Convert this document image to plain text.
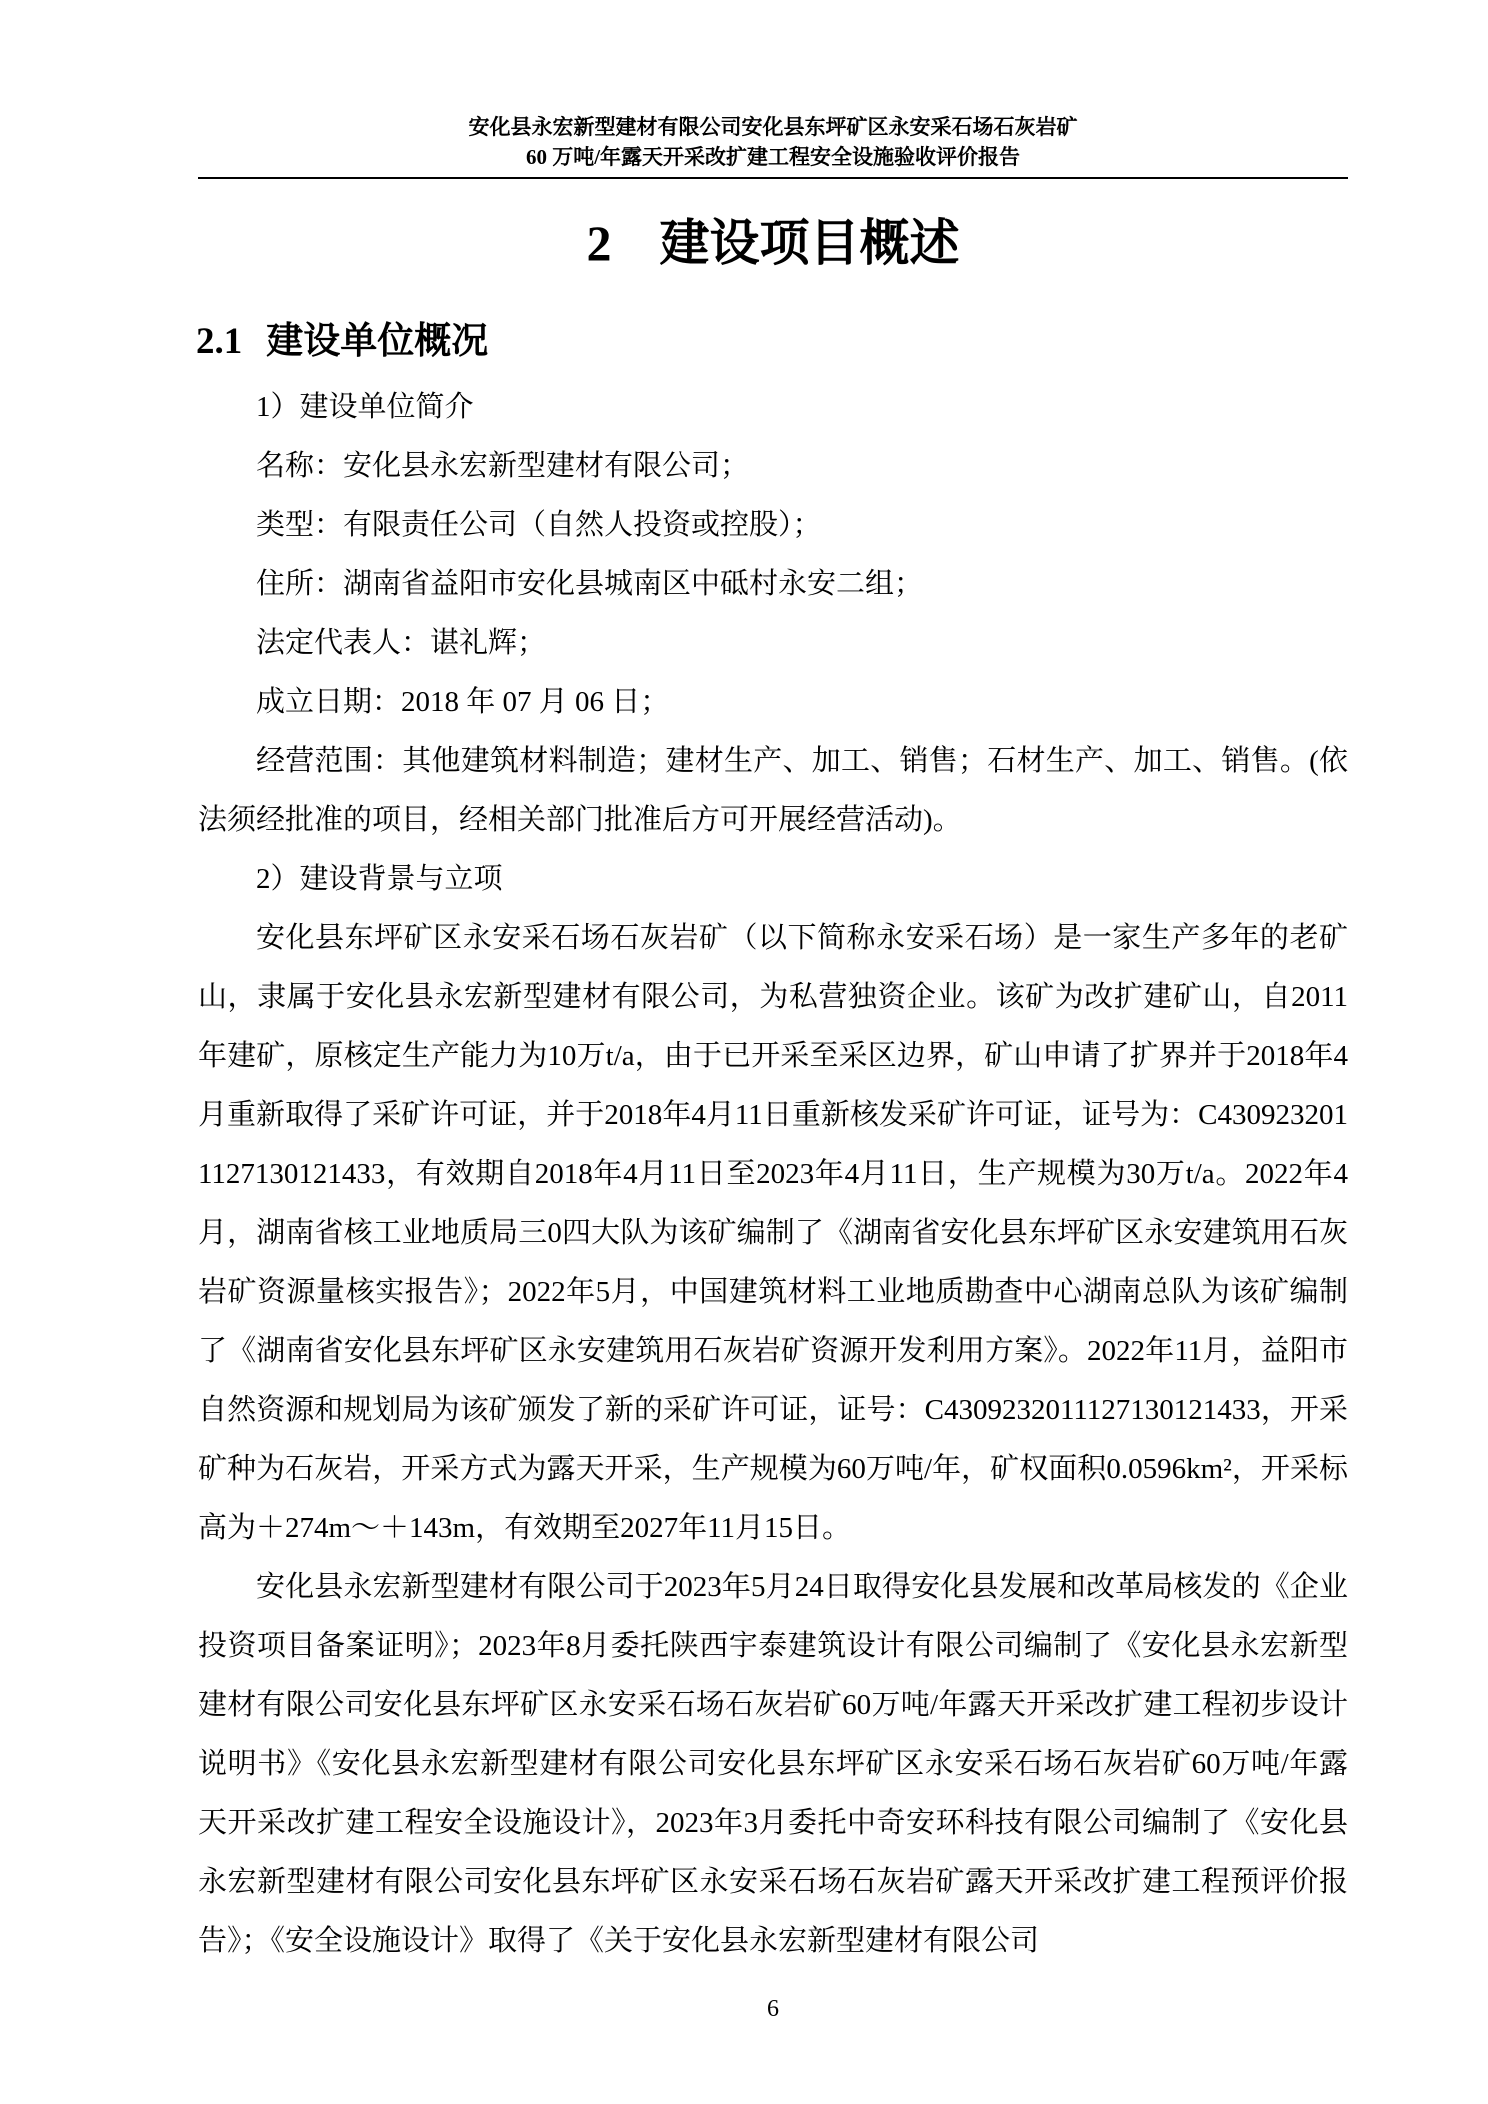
安化县永宏新型建材有限公司安化县东坪矿区永安采石场石灰岩矿
60 万吨/年露天开采改扩建工程安全设施验收评价报告
2 建设项目概述
2.1 建设单位概况

1）建设单位简介

名称：安化县永宏新型建材有限公司；

类型：有限责任公司（自然人投资或控股）；

住所：湖南省益阳市安化县城南区中砥村永安二组；

法定代表人：谌礼辉；

成立日期：2018 年 07 月 06 日；

经营范围：其他建筑材料制造；建材生产、加工、销售；石材生产、加工、销售。(依法须经批准的项目，经相关部门批准后方可开展经营活动)。

2）建设背景与立项

安化县东坪矿区永安采石场石灰岩矿（以下简称永安采石场）是一家生产多年的老矿山，隶属于安化县永宏新型建材有限公司，为私营独资企业。该矿为改扩建矿山，自2011年建矿，原核定生产能力为10万t/a，由于已开采至采区边界，矿山申请了扩界并于2018年4月重新取得了采矿许可证，并于2018年4月11日重新核发采矿许可证，证号为：C4309232011127130121433，有效期自2018年4月11日至2023年4月11日，生产规模为30万t/a。2022年4月，湖南省核工业地质局三0四大队为该矿编制了《湖南省安化县东坪矿区永安建筑用石灰岩矿资源量核实报告》；2022年5月，中国建筑材料工业地质勘查中心湖南总队为该矿编制了《湖南省安化县东坪矿区永安建筑用石灰岩矿资源开发利用方案》。2022年11月，益阳市自然资源和规划局为该矿颁发了新的采矿许可证，证号：C4309232011127130121433，开采矿种为石灰岩，开采方式为露天开采，生产规模为60万吨/年，矿权面积0.0596km²，开采标高为＋274m～＋143m，有效期至2027年11月15日。

安化县永宏新型建材有限公司于2023年5月24日取得安化县发展和改革局核发的《企业投资项目备案证明》；2023年8月委托陕西宇泰建筑设计有限公司编制了《安化县永宏新型建材有限公司安化县东坪矿区永安采石场石灰岩矿60万吨/年露天开采改扩建工程初步设计说明书》《安化县永宏新型建材有限公司安化县东坪矿区永安采石场石灰岩矿60万吨/年露天开采改扩建工程安全设施设计》，2023年3月委托中奇安环科技有限公司编制了《安化县永宏新型建材有限公司安化县东坪矿区永安采石场石灰岩矿露天开采改扩建工程预评价报告》；《安全设施设计》取得了《关于安化县永宏新型建材有限公司

6
